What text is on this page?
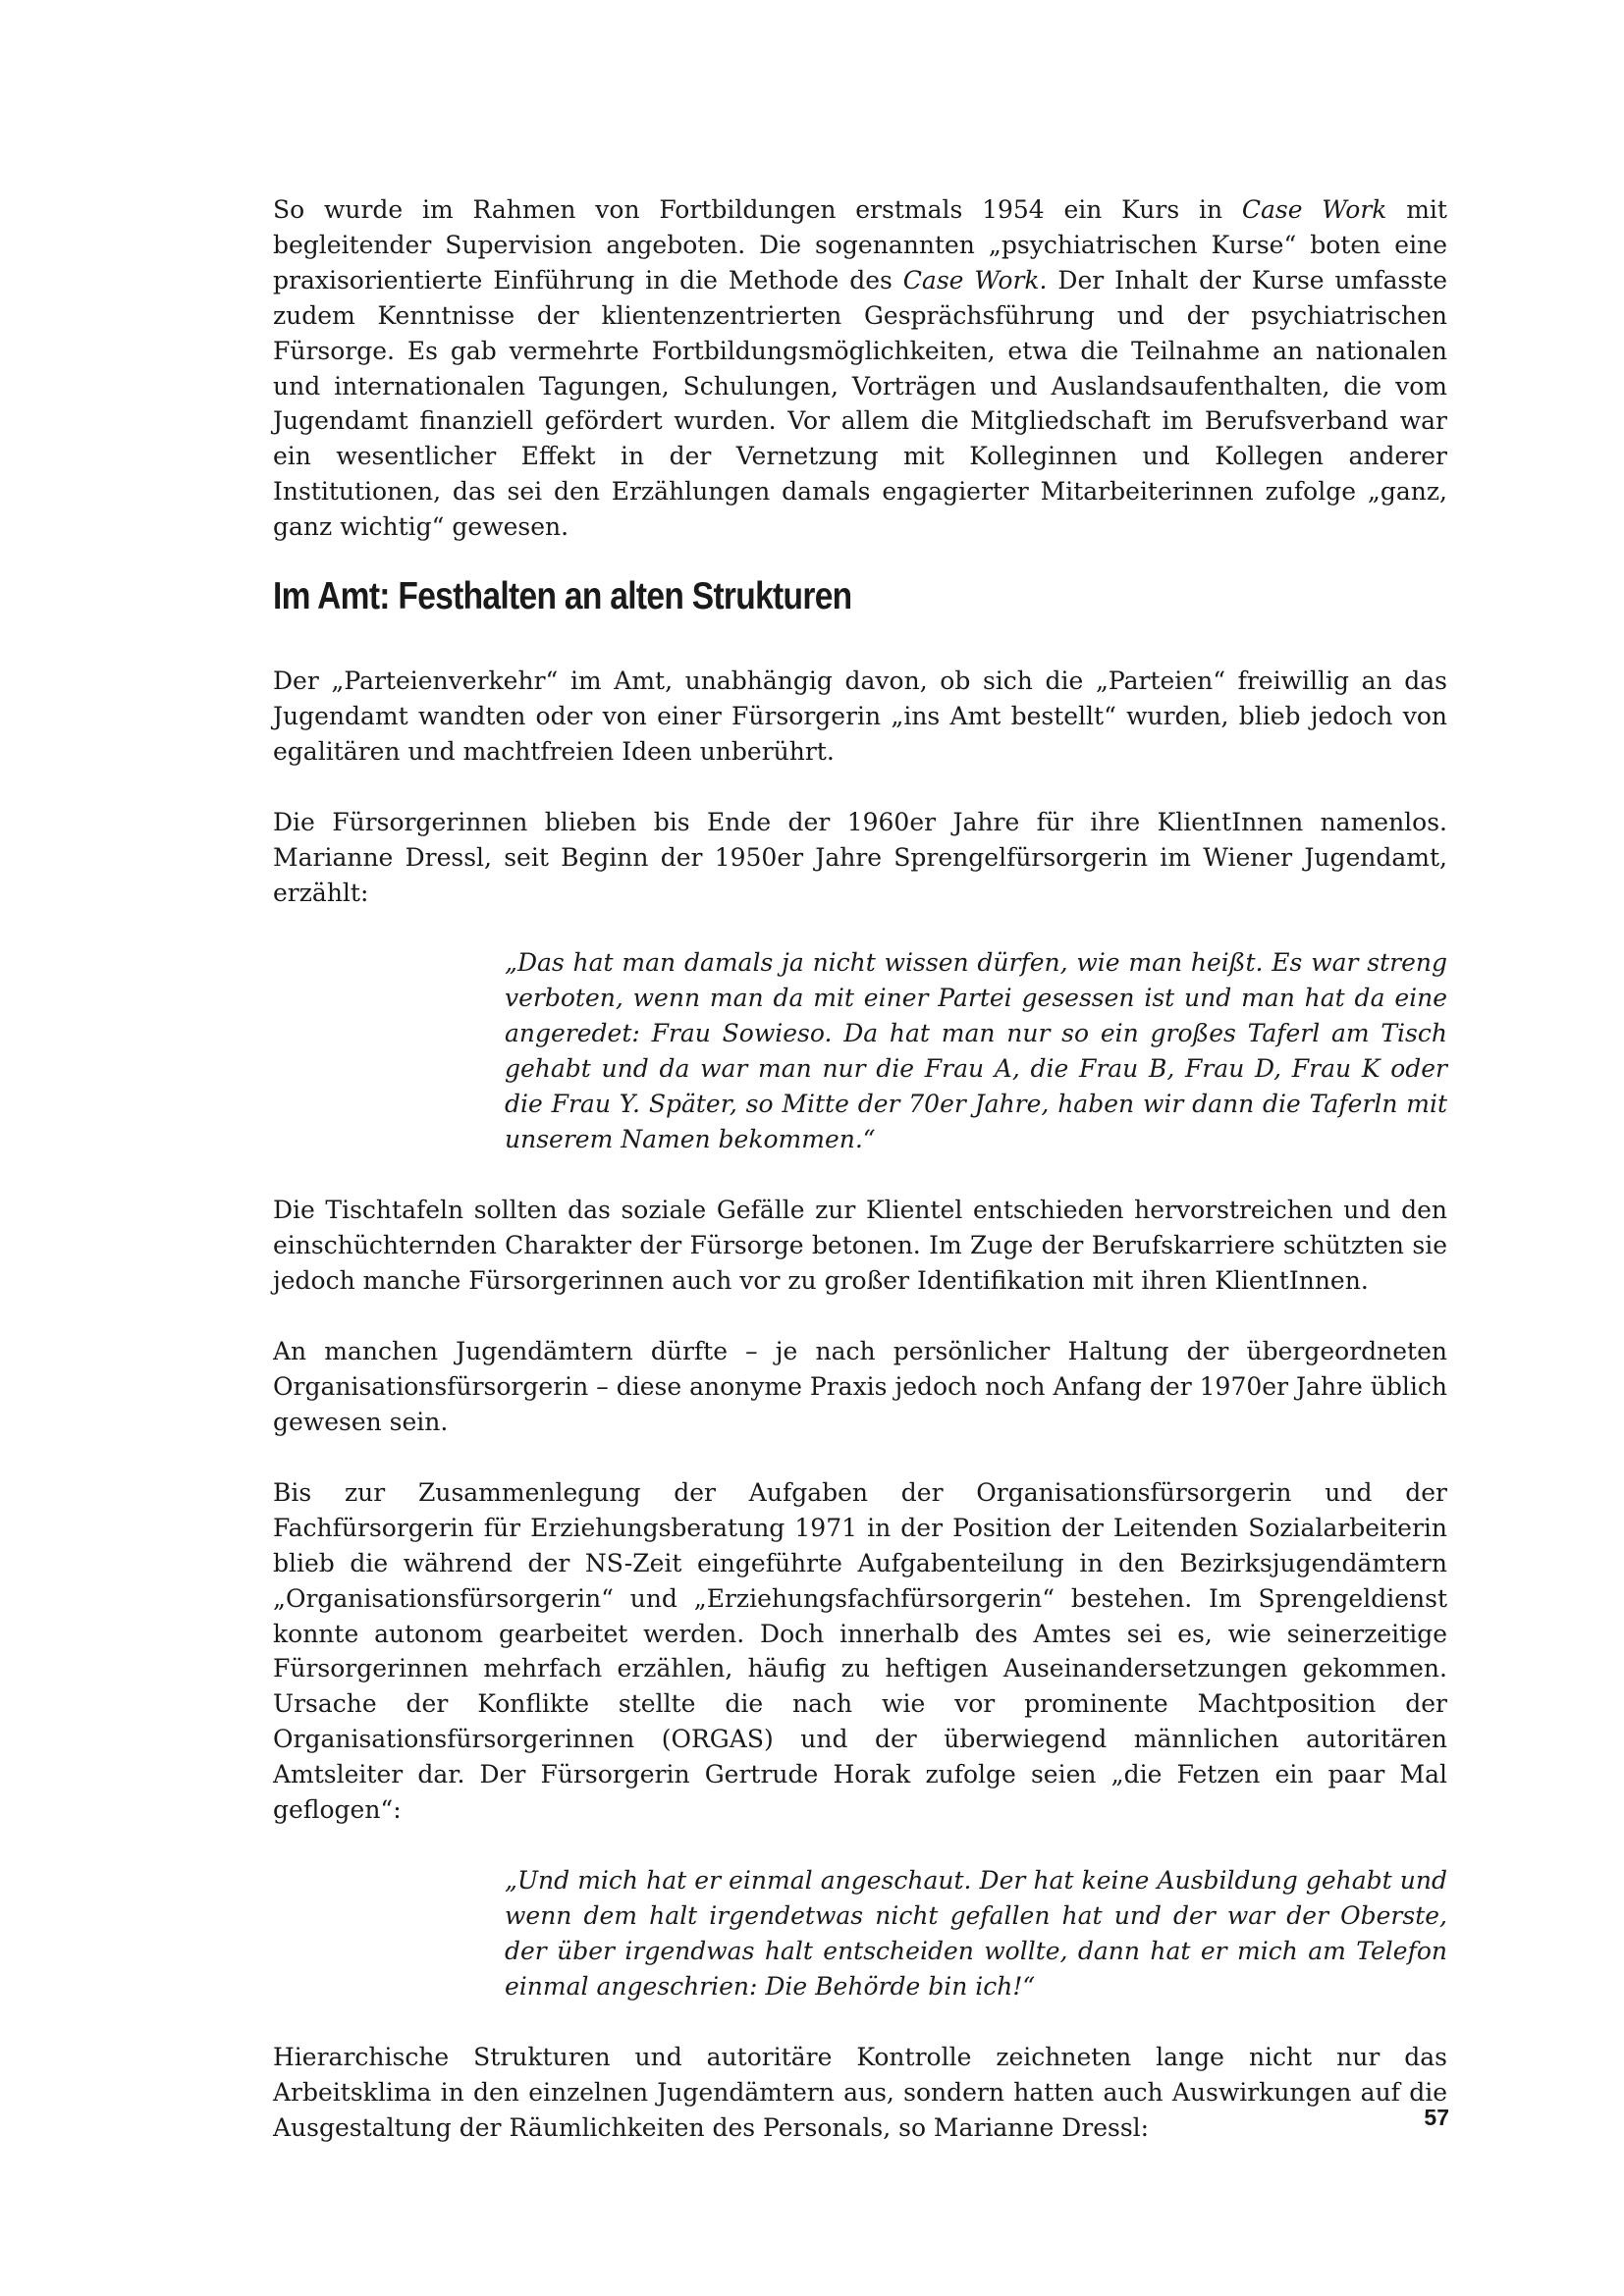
So wurde im Rahmen von Fortbildungen erstmals 1954 ein Kurs in Case Work mit begleitender Supervision angeboten. Die sogenannten „psychiatrischen Kurse“ boten eine praxisorientierte Einführung in die Methode des Case Work. Der Inhalt der Kurse umfasste zudem Kenntnisse der klientenzentrierten Gesprächsführung und der psychiatrischen Fürsorge. Es gab vermehrte Fortbildungsmöglichkeiten, etwa die Teilnahme an nationalen und internationalen Tagungen, Schulungen, Vorträgen und Auslandsaufenthalten, die vom Jugendamt finanziell gefördert wurden. Vor allem die Mitgliedschaft im Berufsverband war ein wesentlicher Effekt in der Vernetzung mit Kolleginnen und Kollegen anderer Institutionen, das sei den Erzählungen damals engagierter Mitarbeiterinnen zufolge „ganz, ganz wichtig“ gewesen.

Im Amt: Festhalten an alten Strukturen

Der „Parteienverkehr“ im Amt, unabhängig davon, ob sich die „Parteien“ freiwillig an das Jugendamt wandten oder von einer Fürsorgerin „ins Amt bestellt“ wurden, blieb jedoch von egalitären und machtfreien Ideen unberührt.

Die Fürsorgerinnen blieben bis Ende der 1960er Jahre für ihre KlientInnen namenlos. Marianne Dressl, seit Beginn der 1950er Jahre Sprengelfürsorgerin im Wiener Jugendamt, erzählt:

„Das hat man damals ja nicht wissen dürfen, wie man heißt. Es war streng verboten, wenn man da mit einer Partei gesessen ist und man hat da eine angeredet: Frau Sowieso. Da hat man nur so ein großes Taferl am Tisch gehabt und da war man nur die Frau A, die Frau B, Frau D, Frau K oder die Frau Y. Später, so Mitte der 70er Jahre, haben wir dann die Taferln mit unserem Namen bekommen.“

Die Tischtafeln sollten das soziale Gefälle zur Klientel entschieden hervorstreichen und den einschüchternden Charakter der Fürsorge betonen. Im Zuge der Berufskarriere schützten sie jedoch manche Fürsorgerinnen auch vor zu großer Identifikation mit ihren KlientInnen.

An manchen Jugendämtern dürfte – je nach persönlicher Haltung der übergeordneten Organisationsfürsorgerin – diese anonyme Praxis jedoch noch Anfang der 1970er Jahre üblich gewesen sein.

Bis zur Zusammenlegung der Aufgaben der Organisationsfürsorgerin und der Fachfürsorgerin für Erziehungsberatung 1971 in der Position der Leitenden Sozialarbeiterin blieb die während der NS-Zeit eingeführte Aufgabenteilung in den Bezirksjugendämtern „Organisationsfürsorgerin“ und „Erziehungsfachfürsorgerin“ bestehen. Im Sprengeldienst konnte autonom gearbeitet werden. Doch innerhalb des Amtes sei es, wie seinerzeitige Fürsorgerinnen mehrfach erzählen, häufig zu heftigen Auseinandersetzungen gekommen. Ursache der Konflikte stellte die nach wie vor prominente Machtposition der Organisationsfürsorgerinnen (ORGAS) und der überwiegend männlichen autoritären Amtsleiter dar. Der Fürsorgerin Gertrude Horak zufolge seien „die Fetzen ein paar Mal geflogen“:

„Und mich hat er einmal angeschaut. Der hat keine Ausbildung gehabt und wenn dem halt irgendetwas nicht gefallen hat und der war der Oberste, der über irgendwas halt entscheiden wollte, dann hat er mich am Telefon einmal angeschrien: Die Behörde bin ich!“

Hierarchische Strukturen und autoritäre Kontrolle zeichneten lange nicht nur das Arbeitsklima in den einzelnen Jugendämtern aus, sondern hatten auch Auswirkungen auf die Ausgestaltung der Räumlichkeiten des Personals, so Marianne Dressl:	57
